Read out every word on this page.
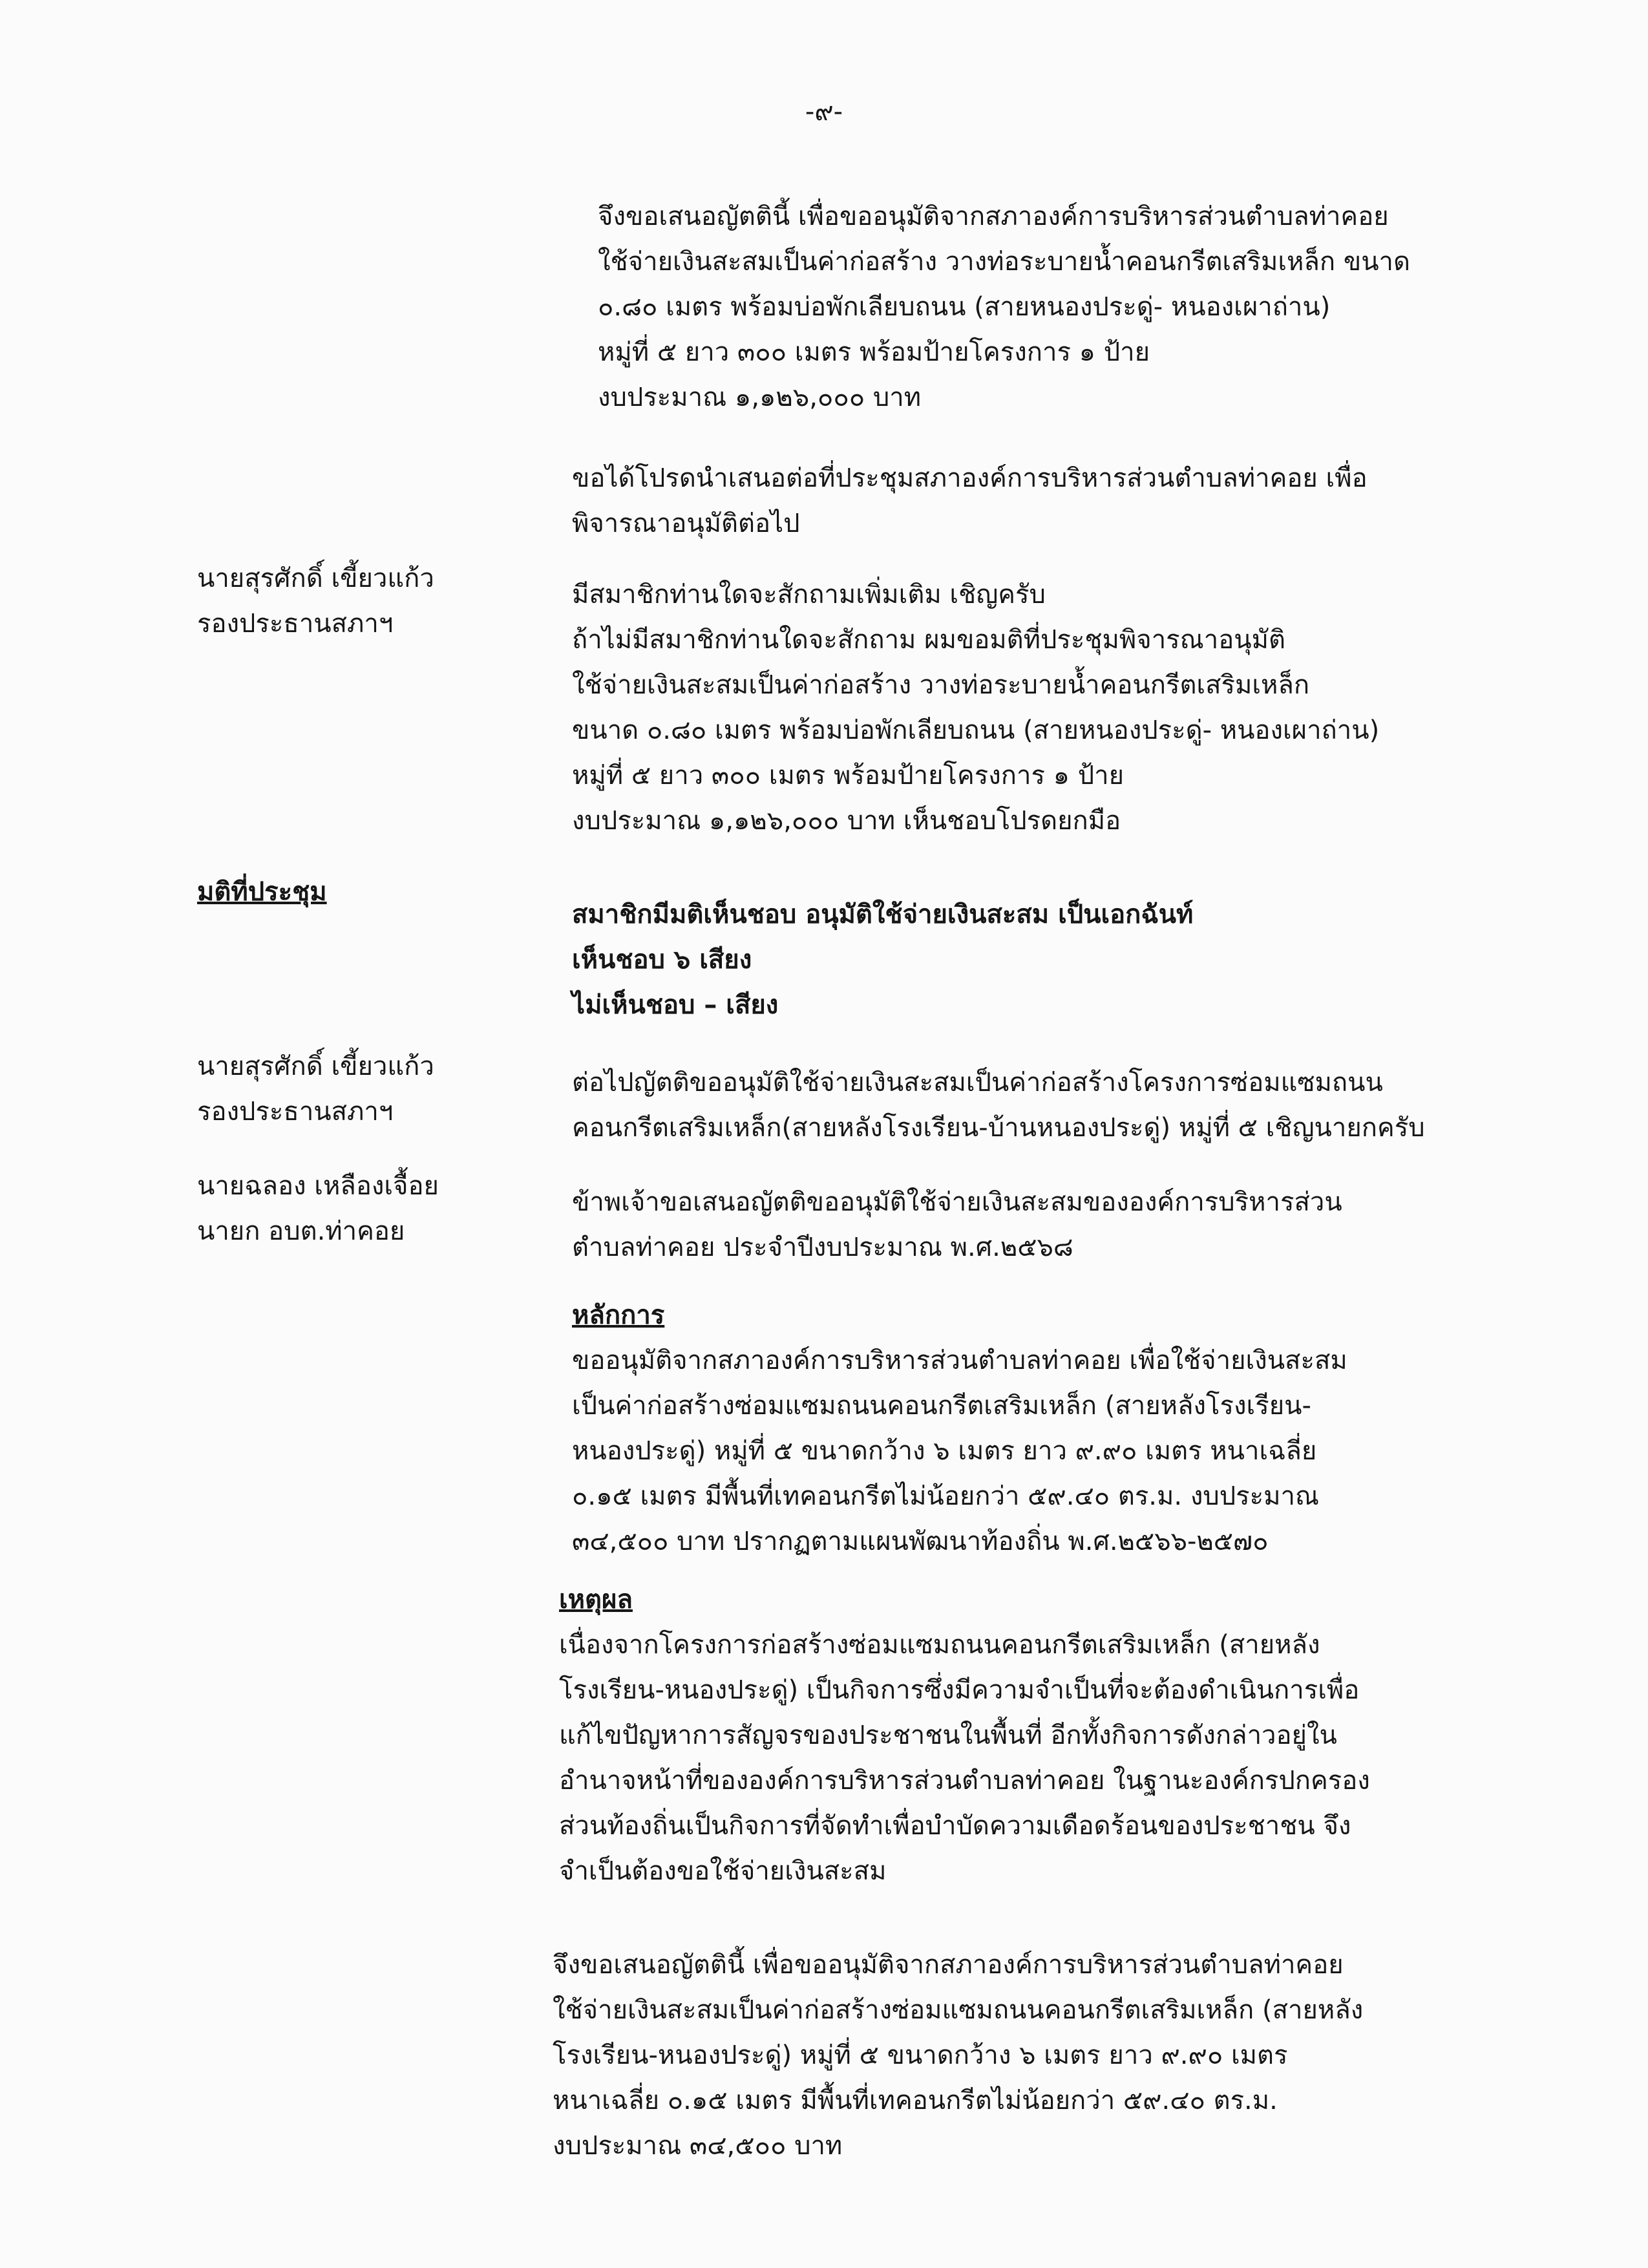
-๙-
จึงขอเสนอญัตตินี้ เพื่อขออนุมัติจากสภาองค์การบริหารส่วนตำบลท่าคอย
ใช้จ่ายเงินสะสมเป็นค่าก่อสร้าง วางท่อระบายน้ำคอนกรีตเสริมเหล็ก ขนาด
๐.๘๐ เมตร พร้อมบ่อพักเลียบถนน (สายหนองประดู่- หนองเผาถ่าน)
หมู่ที่ ๕ ยาว ๓๐๐ เมตร พร้อมป้ายโครงการ ๑ ป้าย
งบประมาณ ๑,๑๒๖,๐๐๐ บาท
ขอได้โปรดนำเสนอต่อที่ประชุมสภาองค์การบริหารส่วนตำบลท่าคอย เพื่อ
พิจารณาอนุมัติต่อไป
นายสุรศักดิ์ เขี้ยวแก้ว
รองประธานสภาฯ
มีสมาชิกท่านใดจะสักถามเพิ่มเติม เชิญครับ
ถ้าไม่มีสมาชิกท่านใดจะสักถาม ผมขอมติที่ประชุมพิจารณาอนุมัติ
ใช้จ่ายเงินสะสมเป็นค่าก่อสร้าง วางท่อระบายน้ำคอนกรีตเสริมเหล็ก
ขนาด ๐.๘๐ เมตร พร้อมบ่อพักเลียบถนน (สายหนองประดู่- หนองเผาถ่าน)
หมู่ที่ ๕ ยาว ๓๐๐ เมตร พร้อมป้ายโครงการ ๑ ป้าย
งบประมาณ ๑,๑๒๖,๐๐๐ บาท เห็นชอบโปรดยกมือ
มติที่ประชุม
สมาชิกมีมติเห็นชอบ อนุมัติใช้จ่ายเงินสะสม เป็นเอกฉันท์
เห็นชอบ ๖ เสียง
ไม่เห็นชอบ – เสียง
นายสุรศักดิ์ เขี้ยวแก้ว
รองประธานสภาฯ
ต่อไปญัตติขออนุมัติใช้จ่ายเงินสะสมเป็นค่าก่อสร้างโครงการซ่อมแซมถนน
คอนกรีตเสริมเหล็ก(สายหลังโรงเรียน-บ้านหนองประดู่) หมู่ที่ ๕ เชิญนายกครับ
นายฉลอง เหลืองเจื้อย
นายก อบต.ท่าคอย
ข้าพเจ้าขอเสนอญัตติขออนุมัติใช้จ่ายเงินสะสมขององค์การบริหารส่วน
ตำบลท่าคอย ประจำปีงบประมาณ พ.ศ.๒๕๖๘
หลักการ
ขออนุมัติจากสภาองค์การบริหารส่วนตำบลท่าคอย เพื่อใช้จ่ายเงินสะสม
เป็นค่าก่อสร้างซ่อมแซมถนนคอนกรีตเสริมเหล็ก (สายหลังโรงเรียน-
หนองประดู่) หมู่ที่ ๕ ขนาดกว้าง ๖ เมตร ยาว ๙.๙๐ เมตร หนาเฉลี่ย
๐.๑๕ เมตร มีพื้นที่เทคอนกรีตไม่น้อยกว่า ๕๙.๔๐ ตร.ม. งบประมาณ
๓๔,๕๐๐ บาท ปรากฏตามแผนพัฒนาท้องถิ่น พ.ศ.๒๕๖๖-๒๕๗๐
เหตุผล
เนื่องจากโครงการก่อสร้างซ่อมแซมถนนคอนกรีตเสริมเหล็ก (สายหลัง
โรงเรียน-หนองประดู่) เป็นกิจการซึ่งมีความจำเป็นที่จะต้องดำเนินการเพื่อ
แก้ไขปัญหาการสัญจรของประชาชนในพื้นที่ อีกทั้งกิจการดังกล่าวอยู่ใน
อำนาจหน้าที่ขององค์การบริหารส่วนตำบลท่าคอย ในฐานะองค์กรปกครอง
ส่วนท้องถิ่นเป็นกิจการที่จัดทำเพื่อบำบัดความเดือดร้อนของประชาชน จึง
จำเป็นต้องขอใช้จ่ายเงินสะสม
จึงขอเสนอญัตตินี้ เพื่อขออนุมัติจากสภาองค์การบริหารส่วนตำบลท่าคอย
ใช้จ่ายเงินสะสมเป็นค่าก่อสร้างซ่อมแซมถนนคอนกรีตเสริมเหล็ก (สายหลัง
โรงเรียน-หนองประดู่) หมู่ที่ ๕ ขนาดกว้าง ๖ เมตร ยาว ๙.๙๐ เมตร
หนาเฉลี่ย ๐.๑๕ เมตร มีพื้นที่เทคอนกรีตไม่น้อยกว่า ๕๙.๔๐ ตร.ม.
งบประมาณ ๓๔,๕๐๐ บาท
